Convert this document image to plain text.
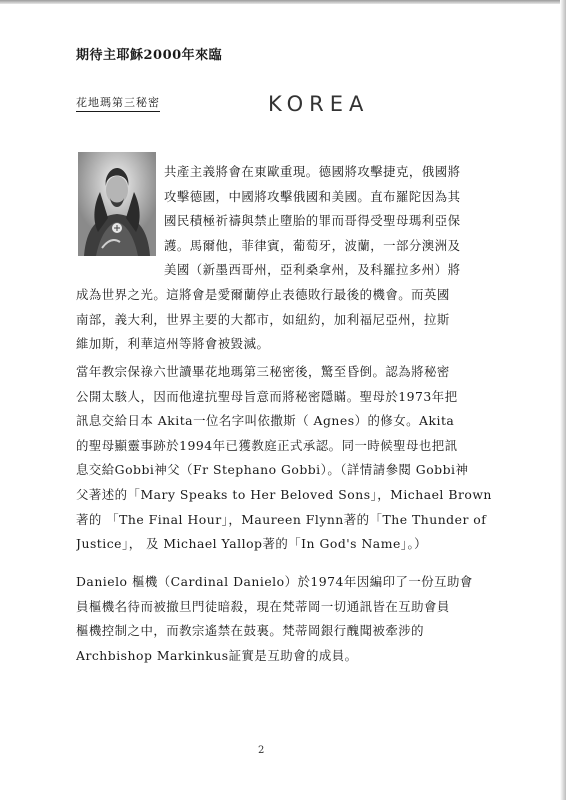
期待主耶穌2000年來臨
花地瑪第三秘密	KOREA
共產主義將會在東歐重現。德國將攻擊捷克，俄國將
攻擊德國，中國將攻擊俄國和美國。直布羅陀因為其
國民積極祈禱與禁止墮胎的罪而哥得受聖母瑪利亞保
護。馬爾他，菲律賓，葡萄牙，波蘭，一部分澳洲及
美國（新墨西哥州，亞利桑拿州，及科羅拉多州）將
成為世界之光。這將會是愛爾蘭停止表德敗行最後的機會。而英國
南部，義大利，世界主要的大都市，如紐約，加利福尼亞州，拉斯
維加斯，利華這州等將會被毀滅。
當年教宗保祿六世讀畢花地瑪第三秘密後，驚至昏倒。認為將秘密
公開太駭人，因而他違抗聖母旨意而將秘密隱瞞。聖母於1973年把
訊息交給日本 Akita一位名字叫依撒斯（ Agnes）的修女。Akita
的聖母顯靈事跡於1994年已獲教庭正式承認。同一時候聖母也把訊
息交給Gobbi神父（Fr Stephano Gobbi）。（詳情請參閱 Gobbi神
父著述的「Mary Speaks to Her Beloved Sons」，Michael Brown
著的 「The Final Hour」，Maureen Flynn著的「The Thunder of
Justice」， 及 Michael Yallop著的「In God's Name」。）
Danielo 樞機（Cardinal Danielo）於1974年因編印了一份互助會
員樞機名待而被撤旦門徒暗殺，現在梵蒂岡一切通訊皆在互助會員
樞機控制之中，而教宗遙禁在鼓裏。梵蒂岡銀行醜聞被牽涉的
Archbishop Markinkus証實是互助會的成員。
2
